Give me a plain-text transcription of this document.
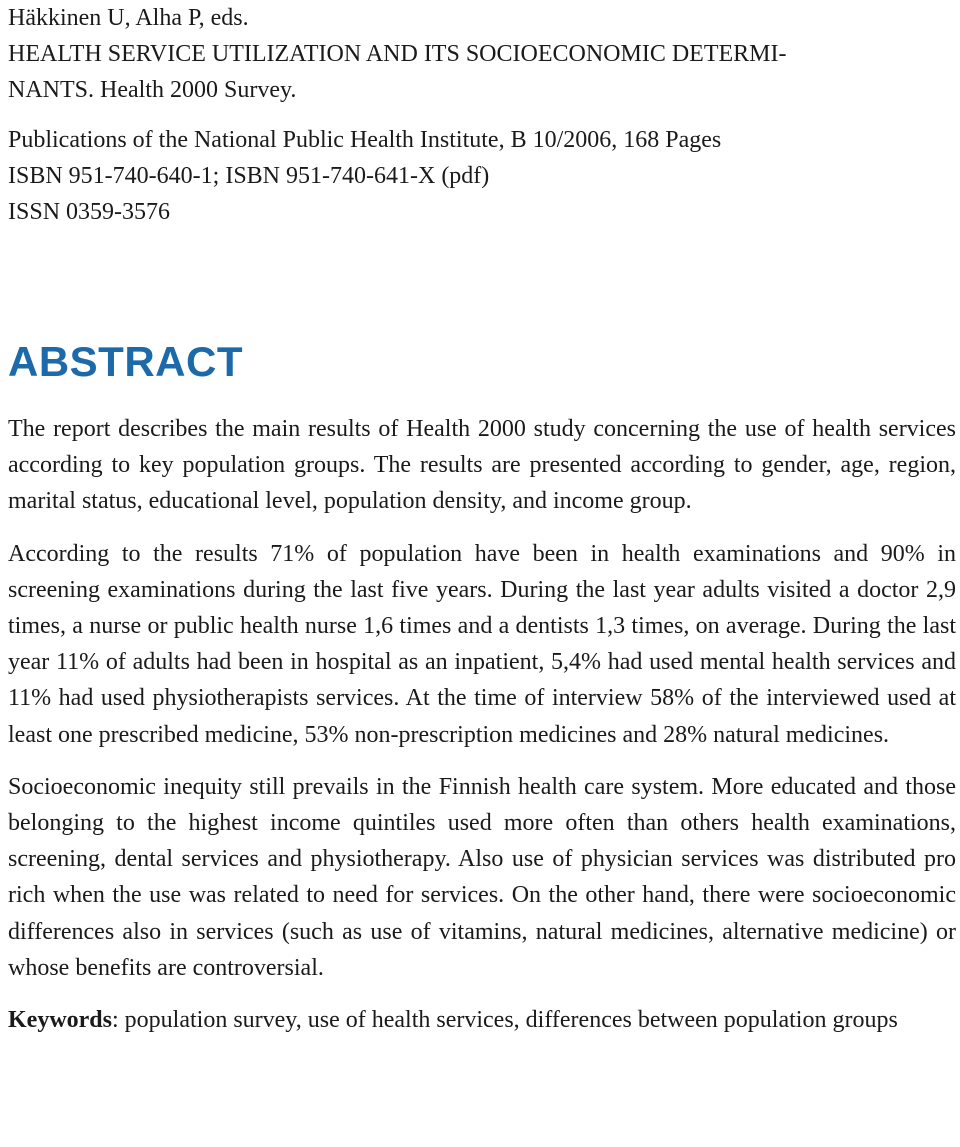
Häkkinen U, Alha P, eds.

HEALTH SERVICE UTILIZATION AND ITS SOCIOECONOMIC DETERMI-

NANTS. Health 2000 Survey.

Publications of the National Public Health Institute, B 10/2006, 168 Pages

ISBN 951-740-640-1; ISBN 951-740-641-X (pdf)

ISSN 0359-3576

ABSTRACT

The report describes the main results of Health 2000 study concerning the use of health services according to key population groups. The results are presented according to gender, age, region, marital status, educational level, population density, and income group.

According to the results 71% of population have been in health examinations and 90% in screening examinations during the last five years. During the last year adults visited a doctor 2,9 times, a nurse or public health nurse 1,6 times and a dentists 1,3 times, on average. During the last year 11% of adults had been in hospital as an inpatient, 5,4% had used mental health services and 11% had used physiotherapists services. At the time of interview 58% of the interviewed used at least one prescribed medicine, 53% non-prescription medicines and 28% natural medicines.

Socioeconomic inequity still prevails in the Finnish health care system. More educated and those belonging to the highest income quintiles used more often than others health examinations, screening, dental services and physiotherapy. Also use of physician services was distributed pro rich when the use was related to need for services. On the other hand, there were socioeconomic differences also in services (such as use of vitamins, natural medicines, alternative medicine) or whose benefits are controversial.

Keywords: population survey, use of health services, differences between population groups
